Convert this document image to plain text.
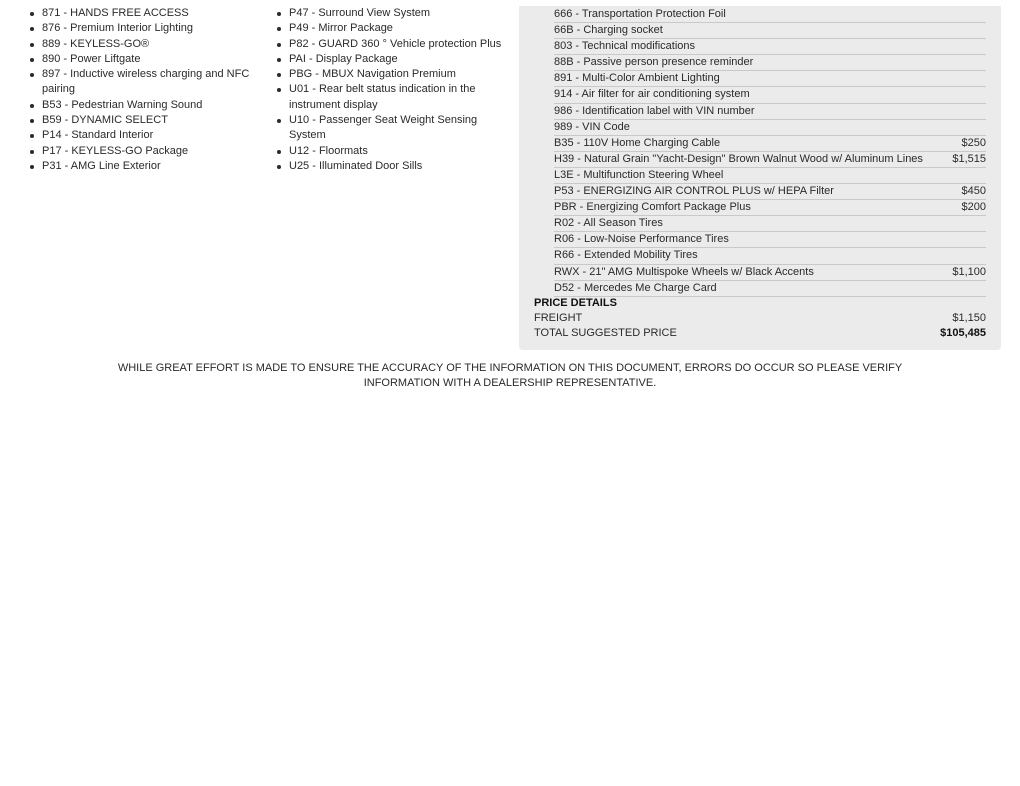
871 - HANDS FREE ACCESS
876 - Premium Interior Lighting
889 - KEYLESS-GO®
890 - Power Liftgate
897 - Inductive wireless charging and NFC pairing
B53 - Pedestrian Warning Sound
B59 - DYNAMIC SELECT
P14 - Standard Interior
P17 - KEYLESS-GO Package
P31 - AMG Line Exterior
P47 - Surround View System
P49 - Mirror Package
P82 - GUARD 360 ° Vehicle protection Plus
PAI - Display Package
PBG - MBUX Navigation Premium
U01 - Rear belt status indication in the instrument display
U10 - Passenger Seat Weight Sensing System
U12 - Floormats
U25 - Illuminated Door Sills
666 - Transportation Protection Foil
66B - Charging socket
803 - Technical modifications
88B - Passive person presence reminder
891 - Multi-Color Ambient Lighting
914 - Air filter for air conditioning system
986 - Identification label with VIN number
989 - VIN Code
B35 - 110V Home Charging Cable	$250
H39 - Natural Grain "Yacht-Design" Brown Walnut Wood w/ Aluminum Lines	$1,515
L3E - Multifunction Steering Wheel
P53 - ENERGIZING AIR CONTROL PLUS w/ HEPA Filter	$450
PBR - Energizing Comfort Package Plus	$200
R02 - All Season Tires
R06 - Low-Noise Performance Tires
R66 - Extended Mobility Tires
RWX - 21" AMG Multispoke Wheels w/ Black Accents	$1,100
D52 - Mercedes Me Charge Card
PRICE DETAILS
FREIGHT	$1,150
TOTAL SUGGESTED PRICE	$105,485
WHILE GREAT EFFORT IS MADE TO ENSURE THE ACCURACY OF THE INFORMATION ON THIS DOCUMENT, ERRORS DO OCCUR SO PLEASE VERIFY
INFORMATION WITH A DEALERSHIP REPRESENTATIVE.
